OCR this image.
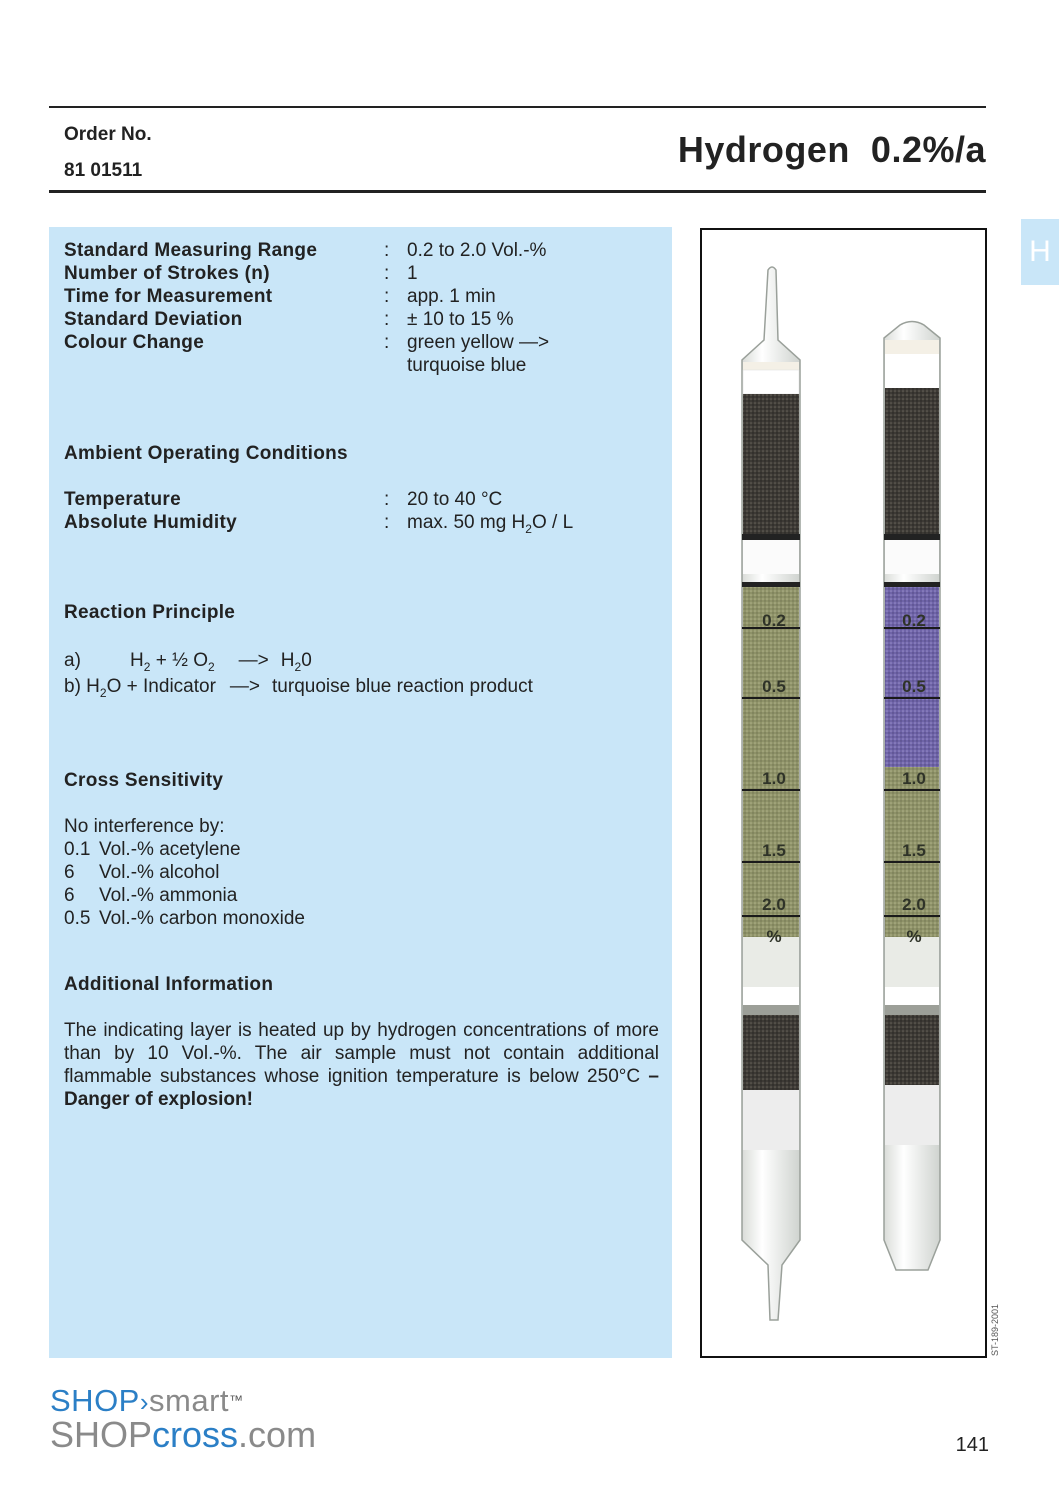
Order No.
81 01511
Hydrogen  0.2%/a
H
Standard Measuring Range	: 0.2 to 2.0 Vol.-%
Number of Strokes (n)	: 1
Time for Measurement	: app. 1 min
Standard Deviation	: ± 10 to 15 %
Colour Change	: green yellow —>
turquoise blue
Ambient Operating Conditions
Temperature	: 20 to 40 °C
Absolute Humidity	: max. 50 mg $H_2O$ / L
Reaction Principle
a)	$H_2$ + ½ $O_2$ —> $H_20$
b) $H_2O$ + Indicator —> turquoise blue reaction product
Cross Sensitivity
No interference by:
0.1 Vol.-% acetylene
6 Vol.-% alcohol
6 Vol.-% ammonia
0.5 Vol.-% carbon monoxide
Additional Information
The indicating layer is heated up by hydrogen concentrations of more than by 10 Vol.-%. The air sample must not contain additional flammable substances whose ignition temperature is below 250°C – Danger of explosion!
0.2
0.5
1.0
1.5
2.0
%
0.2
0.5
1.0
1.5
2.0
%
ST-189-2001
SHOP›smart™
SHOPcross.com	141
